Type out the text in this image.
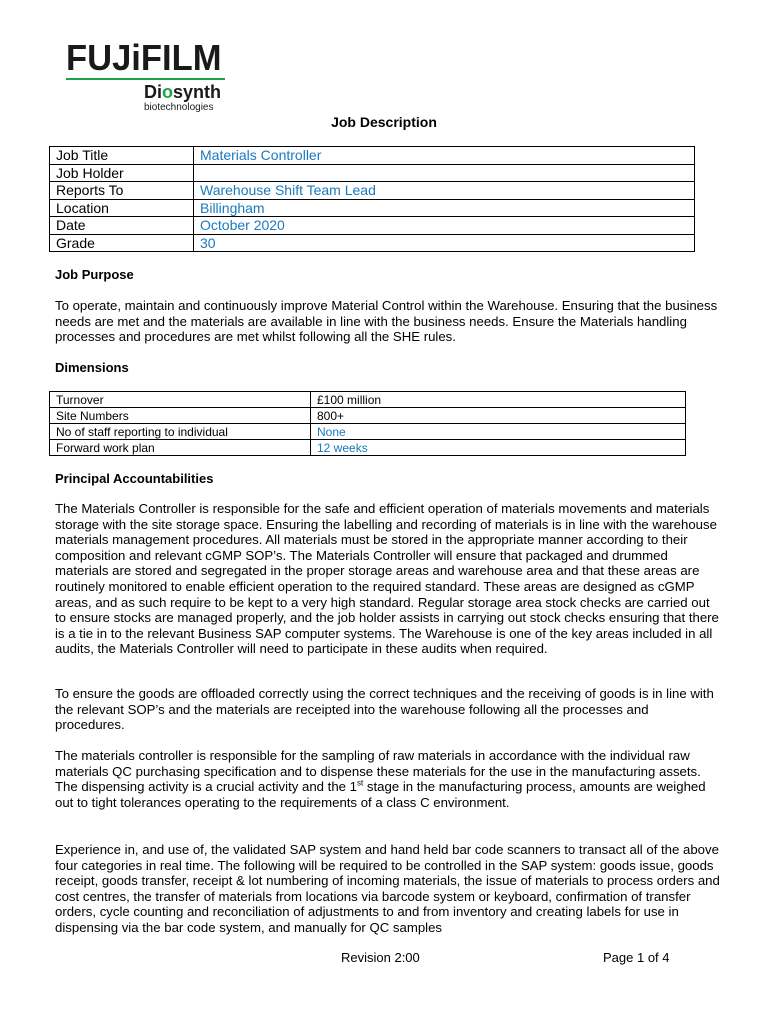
FUJiFILM
Diosynth
biotechnologies
Job Description
Job Title	Materials Controller
Job Holder	
Reports To	Warehouse Shift Team Lead
Location	Billingham
Date	October 2020
Grade	30
Job Purpose

To operate, maintain and continuously improve Material Control within the Warehouse. Ensuring that the business needs are met and the materials are available in line with the business needs. Ensure the Materials handling processes and procedures are met whilst following all the SHE rules.

Dimensions
Turnover	£100 million
Site Numbers	800+
No of staff reporting to individual	None
Forward work plan	12 weeks
Principal Accountabilities

The Materials Controller is responsible for the safe and efficient operation of materials movements and materials storage with the site storage space. Ensuring the labelling and recording of materials is in line with the warehouse materials management procedures. All materials must be stored in the appropriate manner according to their composition and relevant cGMP SOP’s. The Materials Controller will ensure that packaged and drummed materials are stored and segregated in the proper storage areas and warehouse area and that these areas are routinely monitored to enable efficient operation to the required standard. These areas are designed as cGMP areas, and as such require to be kept to a very high standard. Regular storage area stock checks are carried out to ensure stocks are managed properly, and the job holder assists in carrying out stock checks ensuring that there is a tie in to the relevant Business SAP computer systems. The Warehouse is one of the key areas included in all audits, the Materials Controller will need to participate in these audits when required.

To ensure the goods are offloaded correctly using the correct techniques and the receiving of goods is in line with the relevant SOP’s and the materials are receipted into the warehouse following all the processes and procedures.

The materials controller is responsible for the sampling of raw materials in accordance with the individual raw materials QC purchasing specification and to dispense these materials for the use in the manufacturing assets. The dispensing activity is a crucial activity and the 1st stage in the manufacturing process, amounts are weighed out to tight tolerances operating to the requirements of a class C environment.

Experience in, and use of, the validated SAP system and hand held bar code scanners to transact all of the above four categories in real time. The following will be required to be controlled in the SAP system: goods issue, goods receipt, goods transfer, receipt & lot numbering of incoming materials, the issue of materials to process orders and cost centres, the transfer of materials from locations via barcode system or keyboard, confirmation of transfer orders, cycle counting and reconciliation of adjustments to and from inventory and creating labels for use in dispensing via the bar code system, and manually for QC samples

Revision 2:00	Page 1 of 4
